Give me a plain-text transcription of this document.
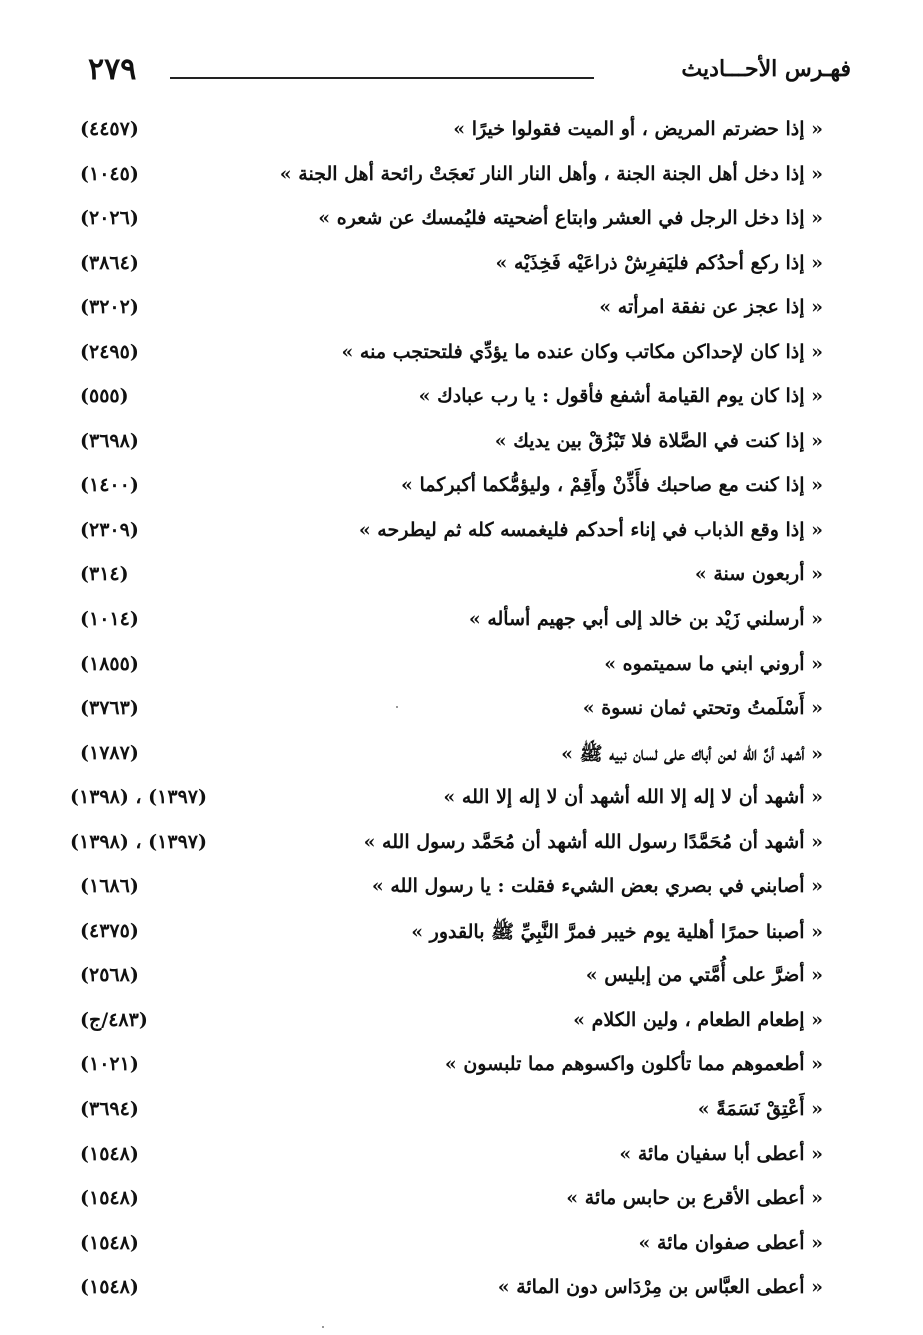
٢٧٩	فهـرس الأحـــاديث
« إذا حضرتم المريض ، أو الميت فقولوا خيرًا »
(٤٤٥٧)
« إذا دخل أهل الجنة الجنة ، وأهل النار النار نَعجَتْ رائحة أهل الجنة »
(١٠٤٥)
« إذا دخل الرجل في العشر وابتاع أضحيته فليُمسك عن شعره »
(٢٠٢٦)
« إذا ركع أحدُكم فليَفرِشْ ذراعَيْه فَخِذَيْه »
(٣٨٦٤)
« إذا عجز عن نفقة امرأته »
(٣٢٠٢)
« إذا كان لإحداكن مكاتب وكان عنده ما يؤدِّي فلتحتجب منه »
(٢٤٩٥)
« إذا كان يوم القيامة أشفع فأقول : يا رب عبادك »
(٥٥٥)
« إذا كنت في الصَّلاة فلا تَبْزُقْ بين يديك »
(٣٦٩٨)
« إذا كنت مع صاحبك فأَذِّنْ وأَقِمْ ، وليؤمُّكما أكبركما »
(١٤٠٠)
« إذا وقع الذباب في إناء أحدكم فليغمسه كله ثم ليطرحه »
(٢٣٠٩)
« أربعون سنة »
(٣١٤)
« أرسلني زَيْد بن خالد إلى أبي جهيم أسأله »
(١٠١٤)
« أروني ابني ما سميتموه »
(١٨٥٥)
« أَسْلَمتُ وتحتي ثمان نسوة »
(٣٧٦٣)
« أشهد أنَّ الله لعن أباك على لسان نبيه ﷺ »
(١٧٨٧)
« أشهد أن لا إله إلا الله أشهد أن لا إله إلا الله »
(١٣٩٧) ، (١٣٩٨)
« أشهد أن مُحَمَّدًا رسول الله أشهد أن مُحَمَّد رسول الله »
(١٣٩٧) ، (١٣٩٨)
« أصابني في بصري بعض الشيء فقلت : يا رسول الله »
(١٦٨٦)
« أصبنا حمرًا أهلية يوم خيبر فمرَّ النَّبِيِّ ﷺ بالقدور »
(٤٣٧٥)
« أضرَّ على أُمَّتي من إبليس »
(٢٥٦٨)
« إطعام الطعام ، ولين الكلام »
(٤٨٣/ج)
« أطعموهم مما تأكلون واكسوهم مما تلبسون »
(١٠٢١)
« أَعْتِقْ نَسَمَةً »
(٣٦٩٤)
« أعطى أبا سفيان مائة »
(١٥٤٨)
« أعطى الأقرع بن حابس مائة »
(١٥٤٨)
« أعطى صفوان مائة »
(١٥٤٨)
« أعطى العبَّاس بن مِرْدَاس دون المائة »
(١٥٤٨)
